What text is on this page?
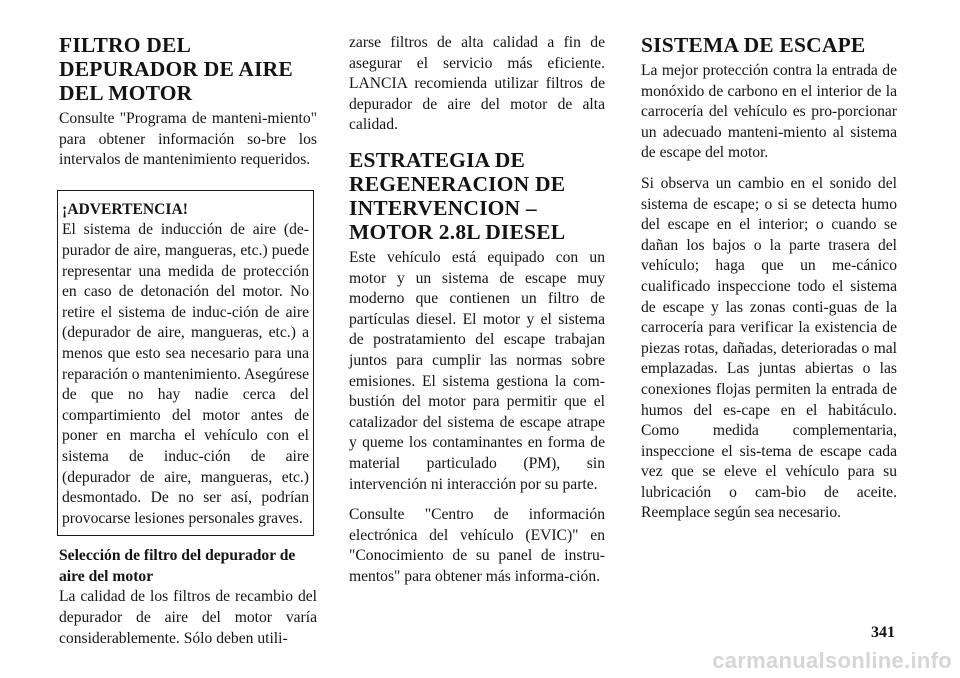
FILTRO DEL DEPURADOR DE AIRE DEL MOTOR

Consulte "Programa de manteni-miento" para obtener información so-bre los intervalos de mantenimiento requeridos.

¡ADVERTENCIA!

El sistema de inducción de aire (de-purador de aire, mangueras, etc.) puede representar una medida de protección en caso de detonación del motor. No retire el sistema de induc-ción de aire (depurador de aire, mangueras, etc.) a menos que esto sea necesario para una reparación o mantenimiento. Asegúrese de que no hay nadie cerca del compartimiento del motor antes de poner en marcha el vehículo con el sistema de induc-ción de aire (depurador de aire, mangueras, etc.) desmontado. De no ser así, podrían provocarse lesiones personales graves.

Selección de filtro del depurador de aire del motor

La calidad de los filtros de recambio del depurador de aire del motor varía considerablemente. Sólo deben utili-

zarse filtros de alta calidad a fin de asegurar el servicio más eficiente. LANCIA recomienda utilizar filtros de depurador de aire del motor de alta calidad.

ESTRATEGIA DE REGENERACION DE INTERVENCION – MOTOR 2.8L DIESEL

Este vehículo está equipado con un motor y un sistema de escape muy moderno que contienen un filtro de partículas diesel. El motor y el sistema de postratamiento del escape trabajan juntos para cumplir las normas sobre emisiones. El sistema gestiona la com-bustión del motor para permitir que el catalizador del sistema de escape atrape y queme los contaminantes en forma de material particulado (PM), sin intervención ni interacción por su parte.

Consulte "Centro de información electrónica del vehículo (EVIC)" en "Conocimiento de su panel de instru-mentos" para obtener más informa-ción.

SISTEMA DE ESCAPE

La mejor protección contra la entrada de monóxido de carbono en el interior de la carrocería del vehículo es pro-porcionar un adecuado manteni-miento al sistema de escape del motor.

Si observa un cambio en el sonido del sistema de escape; o si se detecta humo del escape en el interior; o cuando se dañan los bajos o la parte trasera del vehículo; haga que un me-cánico cualificado inspeccione todo el sistema de escape y las zonas conti-guas de la carrocería para verificar la existencia de piezas rotas, dañadas, deterioradas o mal emplazadas. Las juntas abiertas o las conexiones flojas permiten la entrada de humos del es-cape en el habitáculo. Como medida complementaria, inspeccione el sis-tema de escape cada vez que se eleve el vehículo para su lubricación o cam-bio de aceite. Reemplace según sea necesario.

341
carmanualsonline.info
